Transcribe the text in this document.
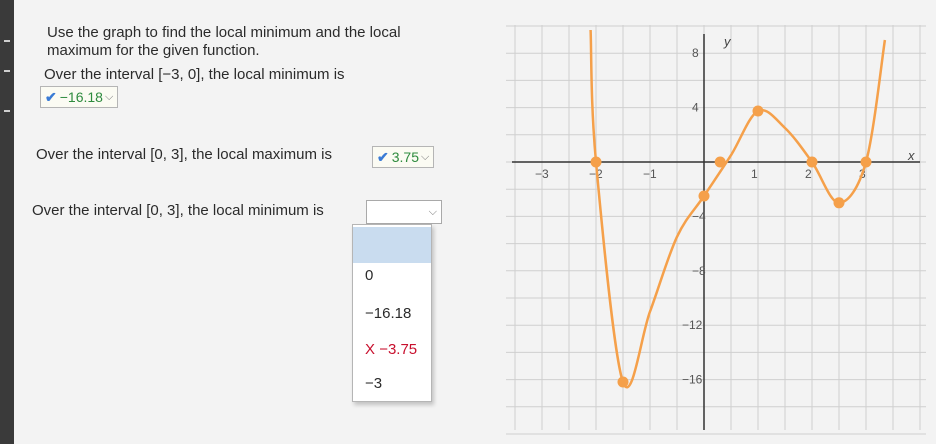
Use the graph to find the local minimum and the local maximum for the given function.
Over the interval [−3, 0], the local minimum is
✔ −16.18 ⌵
Over the interval [0, 3], the local maximum is	✔ 3.75 ⌵
Over the interval [0, 3], the local minimum is	⌵
0
−16.18
X −3.75
−3
x
y
−3	−2	−1	1	2	3
8
4
−4
−8
−12
−16
